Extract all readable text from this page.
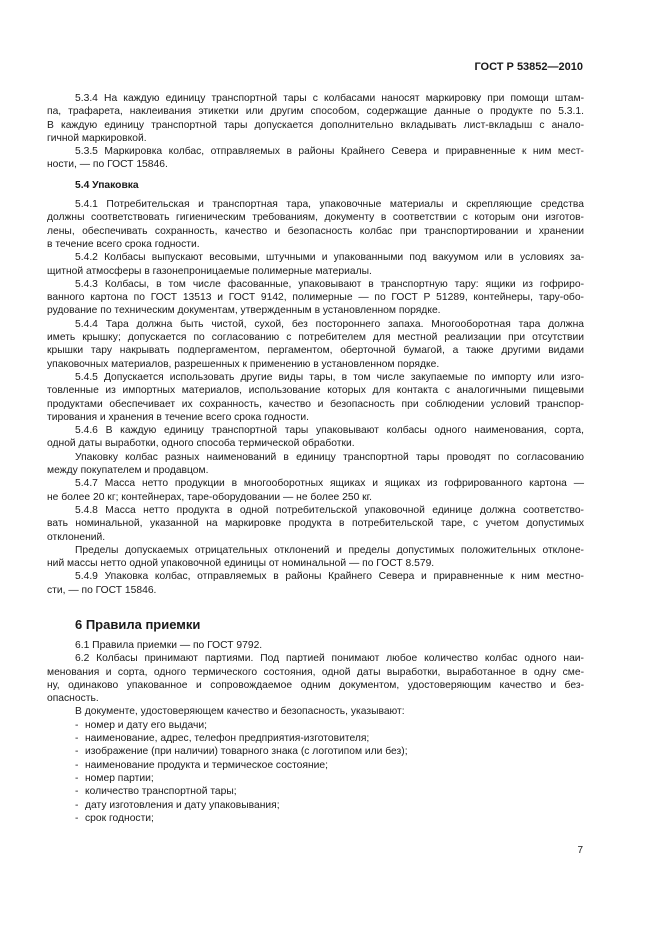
ГОСТ Р 53852—2010

5.3.4 На каждую единицу транспортной тары с колбасами наносят маркировку при помощи штам-
па, трафарета, наклеивания этикетки или другим способом, содержащие данные о продукте по 5.3.1.
В каждую единицу транспортной тары допускается дополнительно вкладывать лист-вкладыш с анало-
гичной маркировкой.

5.3.5 Маркировка колбас, отправляемых в районы Крайнего Севера и приравненные к ним мест-
ности, — по ГОСТ 15846.

5.4 Упаковка

5.4.1 Потребительская и транспортная тара, упаковочные материалы и скрепляющие средства
должны соответствовать гигиеническим требованиям, документу в соответствии с которым они изготов-
лены, обеспечивать сохранность, качество и безопасность колбас при транспортировании и хранении
в течение всего срока годности.

5.4.2 Колбасы выпускают весовыми, штучными и упакованными под вакуумом или в условиях за-
щитной атмосферы в газонепроницаемые полимерные материалы.

5.4.3 Колбасы, в том числе фасованные, упаковывают в транспортную тару: ящики из гофриро-
ванного картона по ГОСТ 13513 и ГОСТ 9142, полимерные — по ГОСТ Р 51289, контейнеры, тару-обо-
рудование по техническим документам, утвержденным в установленном порядке.

5.4.4 Тара должна быть чистой, сухой, без постороннего запаха. Многооборотная тара должна
иметь крышку; допускается по согласованию с потребителем для местной реализации при отсутствии
крышки тару накрывать подпергаментом, пергаментом, оберточной бумагой, а также другими видами
упаковочных материалов, разрешенных к применению в установленном порядке.

5.4.5 Допускается использовать другие виды тары, в том числе закупаемые по импорту или изго-
товленные из импортных материалов, использование которых для контакта с аналогичными пищевыми
продуктами обеспечивает их сохранность, качество и безопасность при соблюдении условий транспор-
тирования и хранения в течение всего срока годности.

5.4.6 В каждую единицу транспортной тары упаковывают колбасы одного наименования, сорта,
одной даты выработки, одного способа термической обработки.

Упаковку колбас разных наименований в единицу транспортной тары проводят по согласованию
между покупателем и продавцом.

5.4.7 Масса нетто продукции в многооборотных ящиках и ящиках из гофрированного картона —
не более 20 кг; контейнерах, таре-оборудовании — не более 250 кг.

5.4.8 Масса нетто продукта в одной потребительской упаковочной единице должна соответство-
вать номинальной, указанной на маркировке продукта в потребительской таре, с учетом допустимых
отклонений.

Пределы допускаемых отрицательных отклонений и пределы допустимых положительных отклоне-
ний массы нетто одной упаковочной единицы от номинальной — по ГОСТ 8.579.

5.4.9 Упаковка колбас, отправляемых в районы Крайнего Севера и приравненные к ним местно-
сти, — по ГОСТ 15846.

6 Правила приемки

6.1 Правила приемки — по ГОСТ 9792.

6.2 Колбасы принимают партиями. Под партией понимают любое количество колбас одного наи-
менования и сорта, одного термического состояния, одной даты выработки, выработанное в одну сме-
ну, одинаково упакованное и сопровождаемое одним документом, удостоверяющим качество и без-
опасность.

В документе, удостоверяющем качество и безопасность, указывают:

- номер и дату его выдачи;

- наименование, адрес, телефон предприятия-изготовителя;

- изображение (при наличии) товарного знака (с логотипом или без);

- наименование продукта и термическое состояние;

- номер партии;

- количество транспортной тары;

- дату изготовления и дату упаковывания;

- срок годности;

7
